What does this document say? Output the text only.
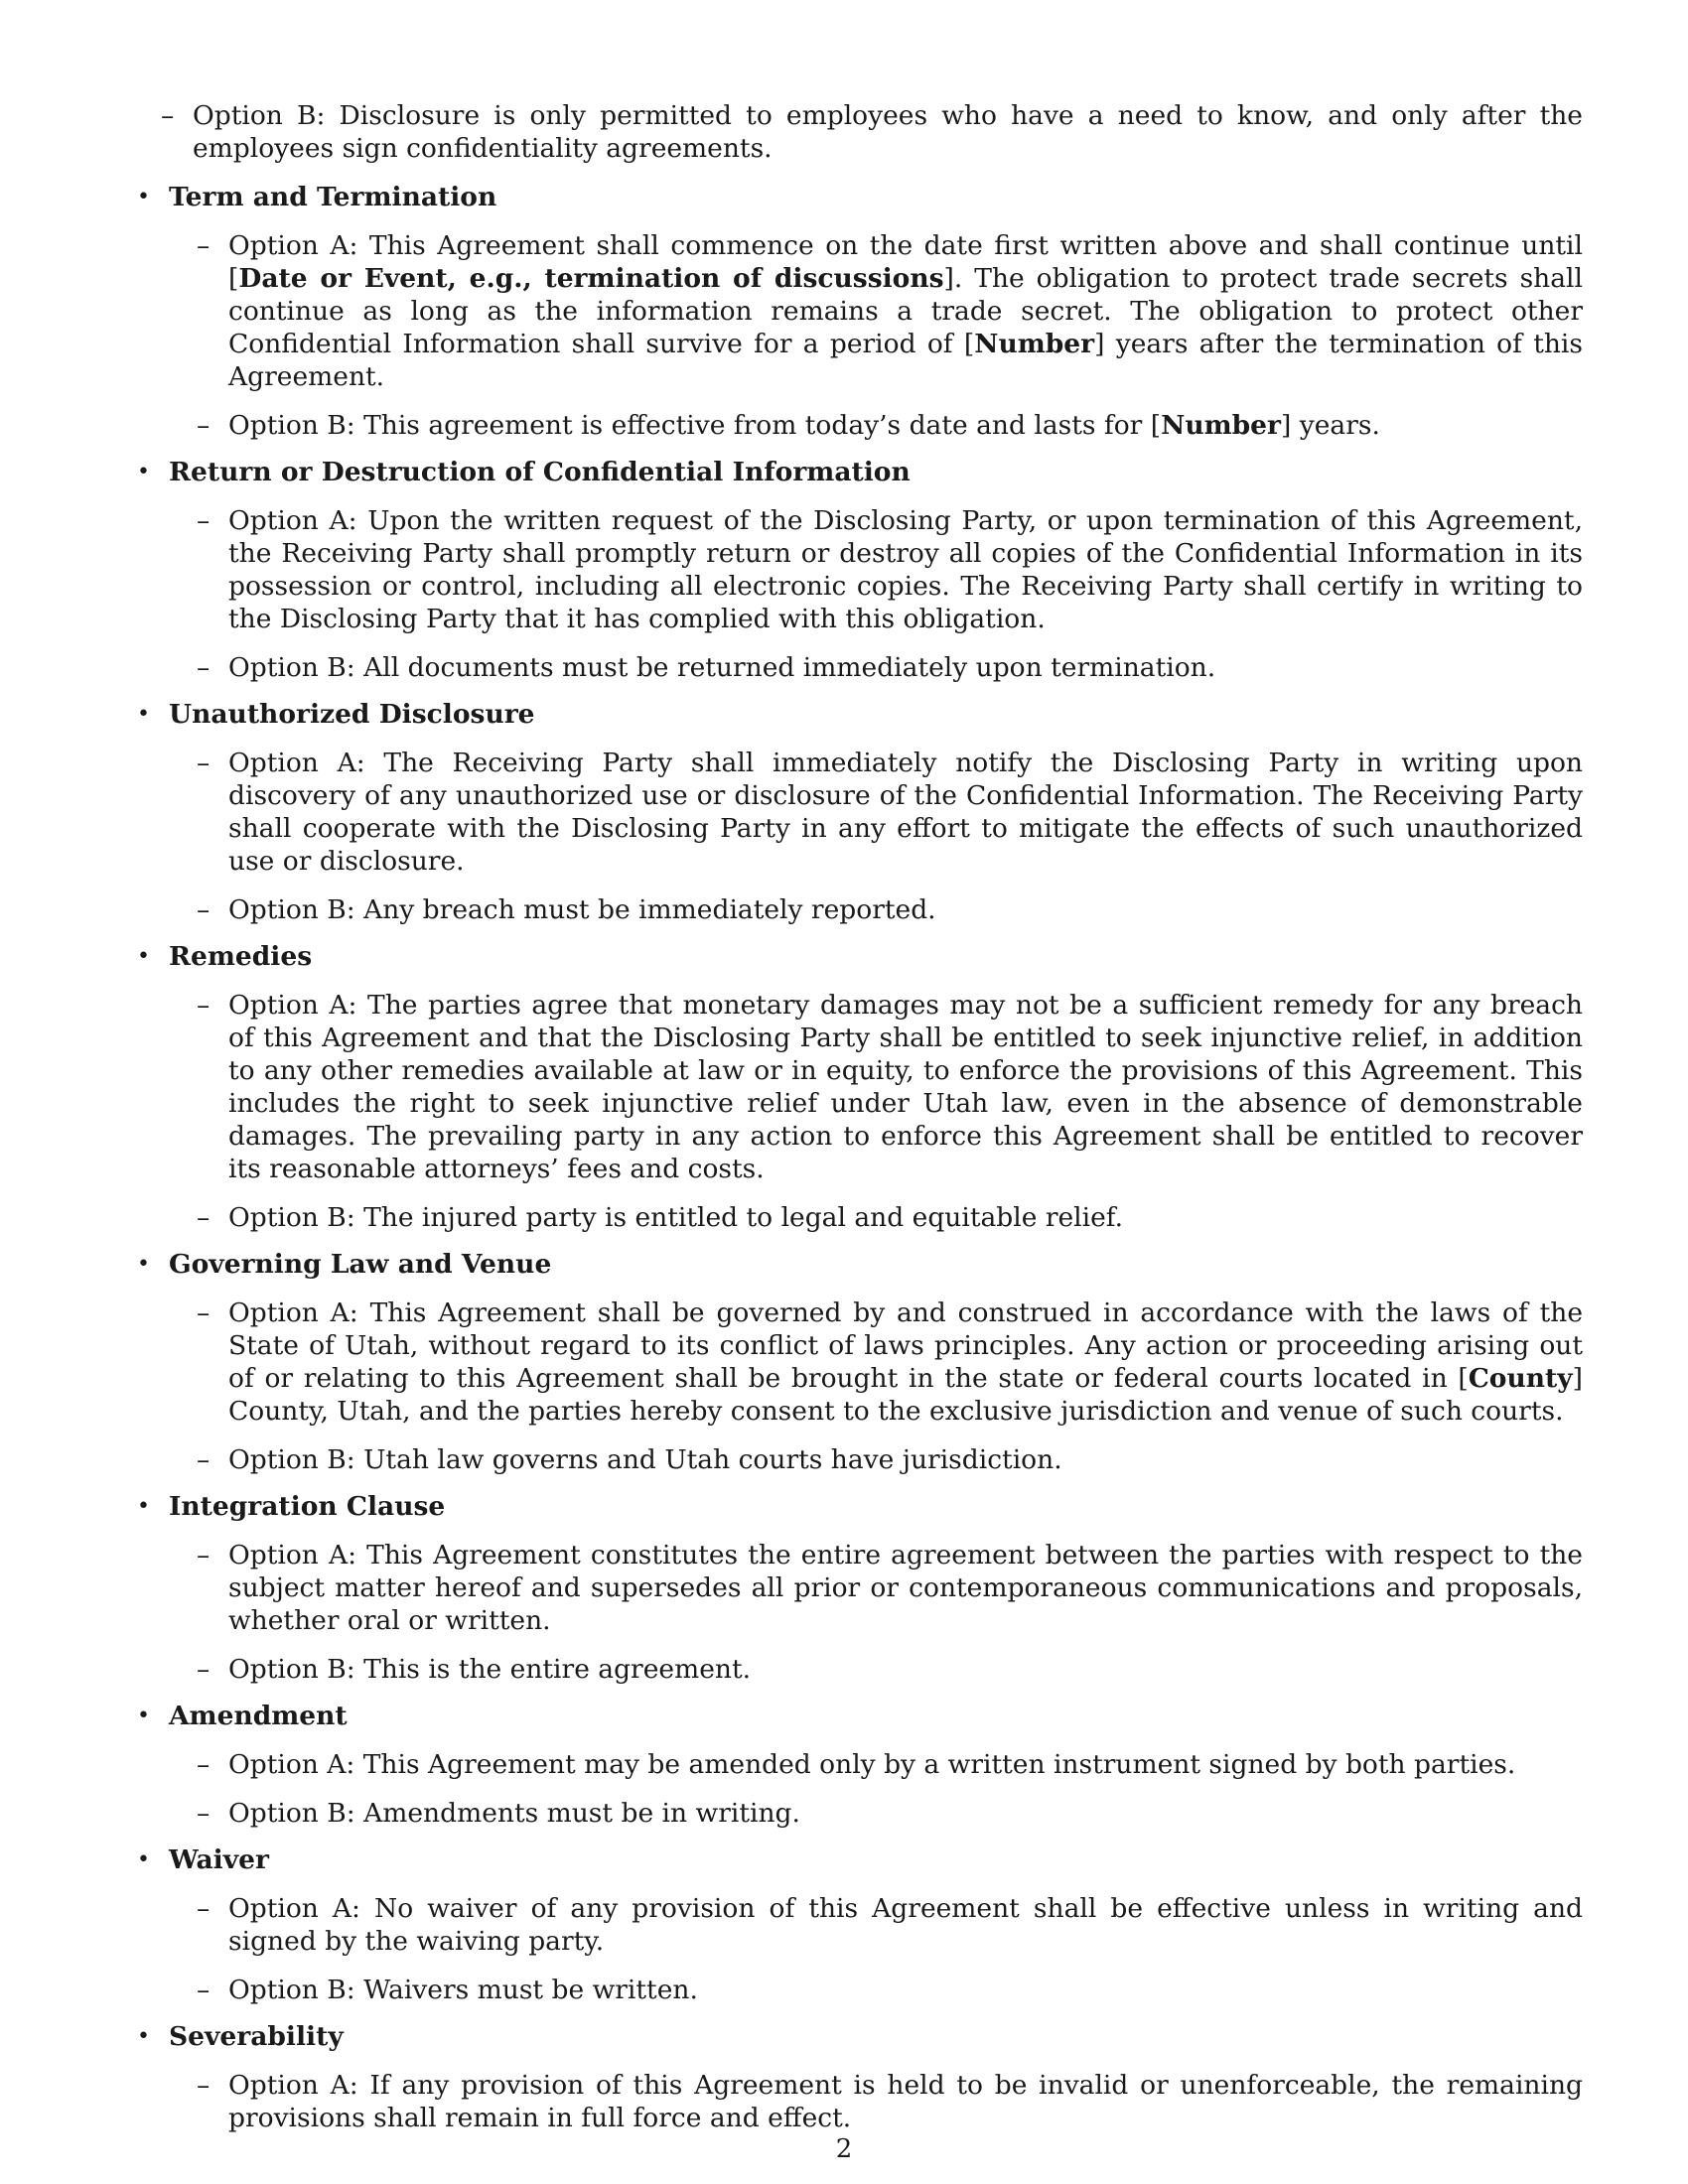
– Option B: Disclosure is only permitted to employees who have a need to know, and only after the employees sign confidentiality agreements.
• Term and Termination
– Option A: This Agreement shall commence on the date first written above and shall continue until [Date or Event, e.g., termination of discussions]. The obligation to protect trade secrets shall continue as long as the information remains a trade secret. The obligation to protect other Confidential Information shall survive for a period of [Number] years after the termination of this Agreement.
– Option B: This agreement is effective from today’s date and lasts for [Number] years.
• Return or Destruction of Confidential Information
– Option A: Upon the written request of the Disclosing Party, or upon termination of this Agreement, the Receiving Party shall promptly return or destroy all copies of the Confidential Information in its possession or control, including all electronic copies. The Receiving Party shall certify in writing to the Disclosing Party that it has complied with this obligation.
– Option B: All documents must be returned immediately upon termination.
• Unauthorized Disclosure
– Option A: The Receiving Party shall immediately notify the Disclosing Party in writing upon discovery of any unauthorized use or disclosure of the Confidential Information. The Receiving Party shall cooperate with the Disclosing Party in any effort to mitigate the effects of such unauthorized use or disclosure.
– Option B: Any breach must be immediately reported.
• Remedies
– Option A: The parties agree that monetary damages may not be a sufficient remedy for any breach of this Agreement and that the Disclosing Party shall be entitled to seek injunctive relief, in addition to any other remedies available at law or in equity, to enforce the provisions of this Agreement. This includes the right to seek injunctive relief under Utah law, even in the absence of demonstrable damages. The prevailing party in any action to enforce this Agreement shall be entitled to recover its reasonable attorneys’ fees and costs.
– Option B: The injured party is entitled to legal and equitable relief.
• Governing Law and Venue
– Option A: This Agreement shall be governed by and construed in accordance with the laws of the State of Utah, without regard to its conflict of laws principles. Any action or proceeding arising out of or relating to this Agreement shall be brought in the state or federal courts located in [County] County, Utah, and the parties hereby consent to the exclusive jurisdiction and venue of such courts.
– Option B: Utah law governs and Utah courts have jurisdiction.
• Integration Clause
– Option A: This Agreement constitutes the entire agreement between the parties with respect to the subject matter hereof and supersedes all prior or contemporaneous communications and proposals, whether oral or written.
– Option B: This is the entire agreement.
• Amendment
– Option A: This Agreement may be amended only by a written instrument signed by both parties.
– Option B: Amendments must be in writing.
• Waiver
– Option A: No waiver of any provision of this Agreement shall be effective unless in writing and signed by the waiving party.
– Option B: Waivers must be written.
• Severability
– Option A: If any provision of this Agreement is held to be invalid or unenforceable, the remaining provisions shall remain in full force and effect.
2
